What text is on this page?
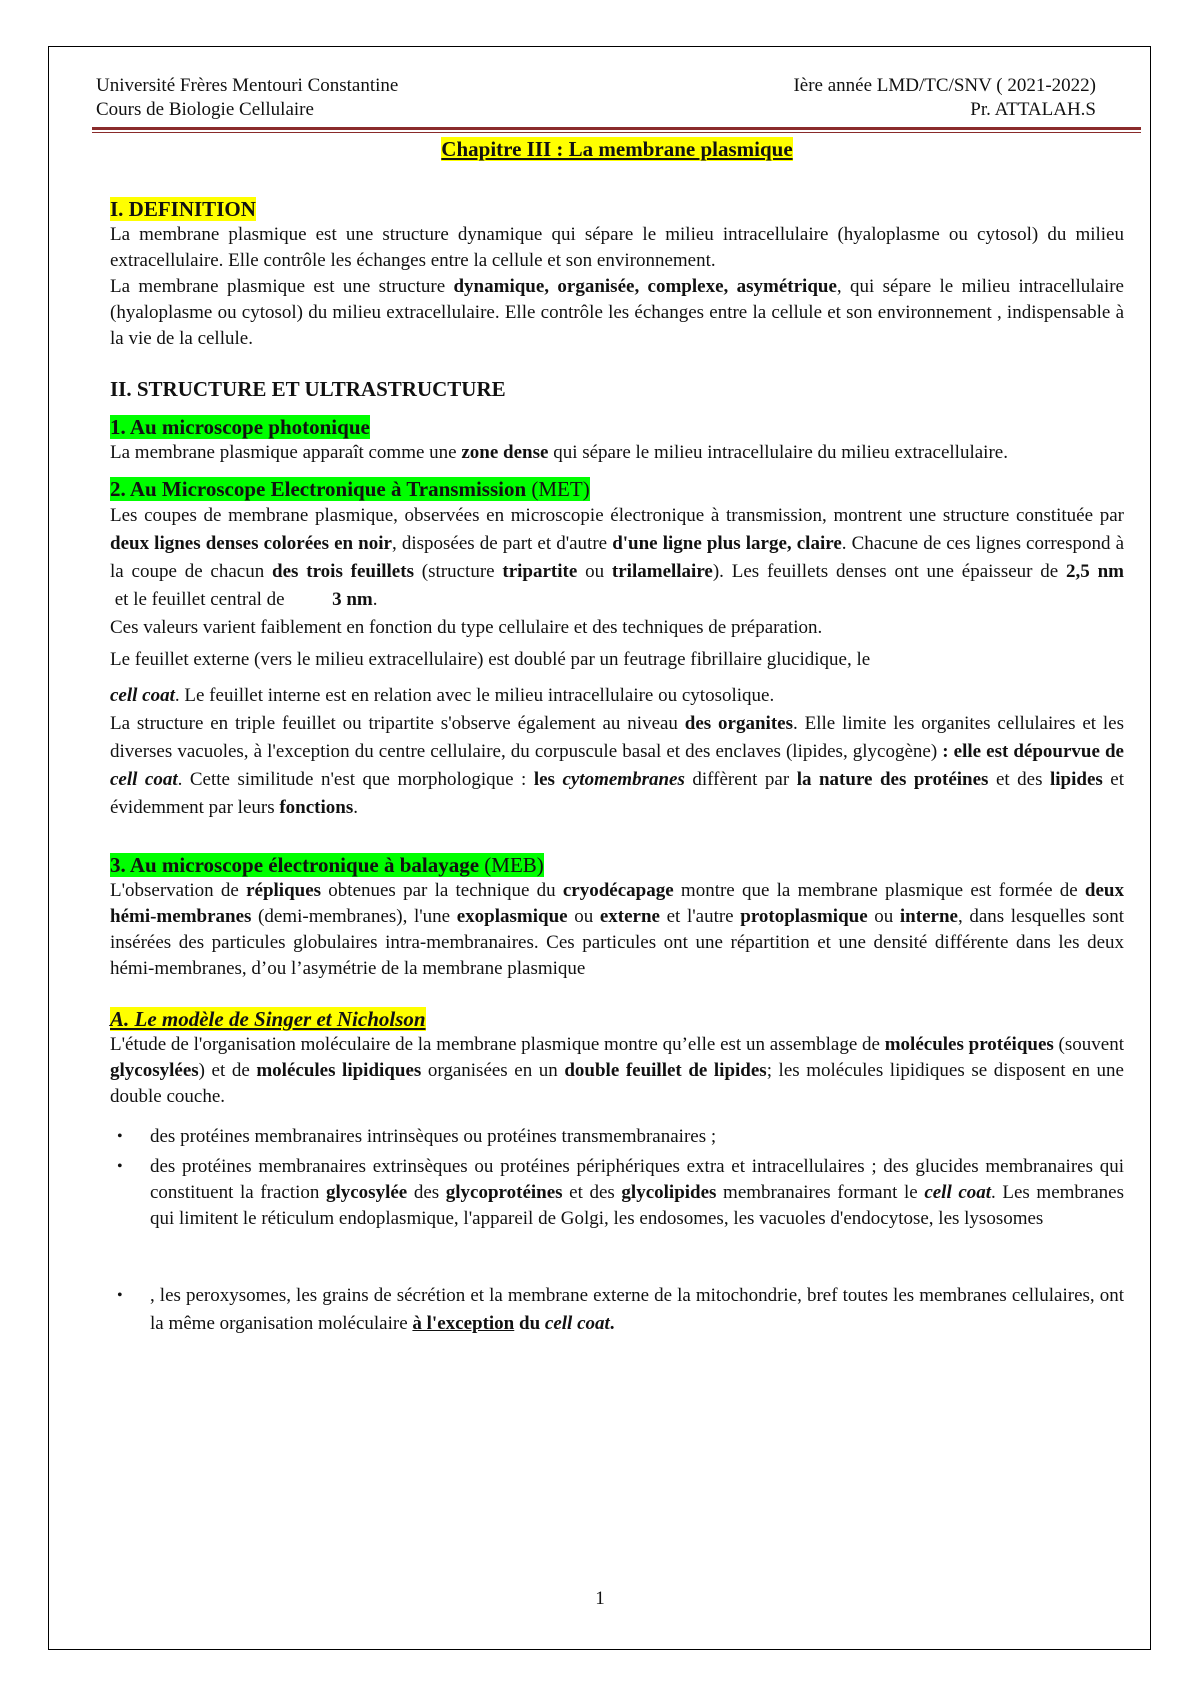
Université Frères Mentouri Constantine	Ière année LMD/TC/SNV ( 2021-2022)
Cours de Biologie Cellulaire	Pr. ATTALAH.S
Chapitre III : La membrane plasmique
I. DEFINITION

La membrane plasmique est une structure dynamique qui sépare le milieu intracellulaire (hyaloplasme ou cytosol) du milieu extracellulaire. Elle contrôle les échanges entre la cellule et son environnement.

La membrane plasmique est une structure dynamique, organisée, complexe, asymétrique, qui sépare le milieu intracellulaire (hyaloplasme ou cytosol) du milieu extracellulaire. Elle contrôle les échanges entre la cellule et son environnement , indispensable à la vie de la cellule.

II. STRUCTURE ET ULTRASTRUCTURE
1. Au microscope photonique

La membrane plasmique apparaît comme une zone dense qui sépare le milieu intracellulaire du milieu extracellulaire.

2. Au Microscope Electronique à Transmission (MET)

Les coupes de membrane plasmique, observées en microscopie électronique à transmission, montrent une structure constituée par deux lignes denses colorées en noir, disposées de part et d'autre d'une ligne plus large, claire. Chacune de ces lignes correspond à la coupe de chacun des trois feuillets (structure tripartite ou trilamellaire). Les feuillets denses ont une épaisseur de 2,5 nm et le feuillet central de          3 nm.

Ces valeurs varient faiblement en fonction du type cellulaire et des techniques de préparation.

Le feuillet externe (vers le milieu extracellulaire) est doublé par un feutrage fibrillaire glucidique, le

cell coat. Le feuillet interne est en relation avec le milieu intracellulaire ou cytosolique.

La structure en triple feuillet ou tripartite s'observe également au niveau des organites. Elle limite les organites cellulaires et les diverses vacuoles, à l'exception du centre cellulaire, du corpuscule basal et des enclaves (lipides, glycogène) : elle est dépourvue de cell coat. Cette similitude n'est que morphologique : les cytomembranes diffèrent par la nature des protéines et des lipides et évidemment par leurs fonctions.

3. Au microscope électronique à balayage (MEB)

L'observation de répliques obtenues par la technique du cryodécapage montre que la membrane plasmique est formée de deux hémi-membranes (demi-membranes), l'une exoplasmique ou externe et l'autre protoplasmique ou interne, dans lesquelles sont insérées des particules globulaires intra-membranaires. Ces particules ont une répartition et une densité différente dans les deux hémi-membranes, d’ou l’asymétrie de la membrane plasmique

A. Le modèle de Singer et Nicholson

L'étude de l'organisation moléculaire de la membrane plasmique montre qu’elle est un assemblage de molécules protéiques (souvent glycosylées) et de molécules lipidiques organisées en un double feuillet de lipides; les molécules lipidiques se disposent en une double couche.

• des protéines membranaires intrinsèques ou protéines transmembranaires ;
• des protéines membranaires extrinsèques ou protéines périphériques extra et intracellulaires ; des glucides membranaires qui constituent la fraction glycosylée des glycoprotéines et des glycolipides membranaires formant le cell coat. Les membranes qui limitent le réticulum endoplasmique, l'appareil de Golgi, les endosomes, les vacuoles d'endocytose, les lysosomes
• , les peroxysomes, les grains de sécrétion et la membrane externe de la mitochondrie, bref toutes les membranes cellulaires, ont la même organisation moléculaire à l'exception du cell coat.
1
